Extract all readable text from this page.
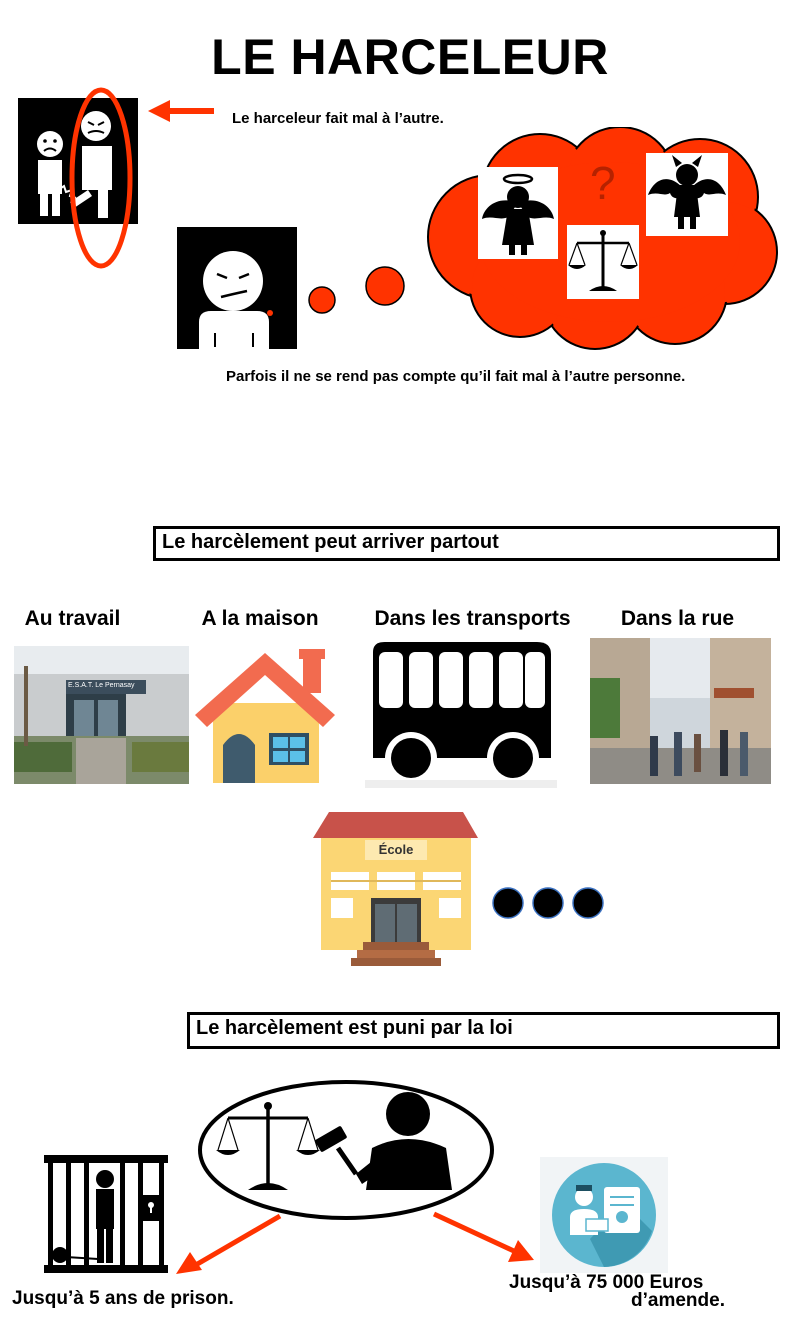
LE HARCELEUR
Le harceleur fait mal à l’autre.
?
Parfois il ne se rend pas compte qu’il fait mal à l’autre personne.
Le harcèlement peut arriver partout
Au travail	A la maison	Dans les transports	Dans la rue
E.S.A.T. Le Pernasay
École
Le harcèlement est puni par la loi
Jusqu’à 5 ans de prison.
Jusqu’à 75 000 Euros
d’amende.
